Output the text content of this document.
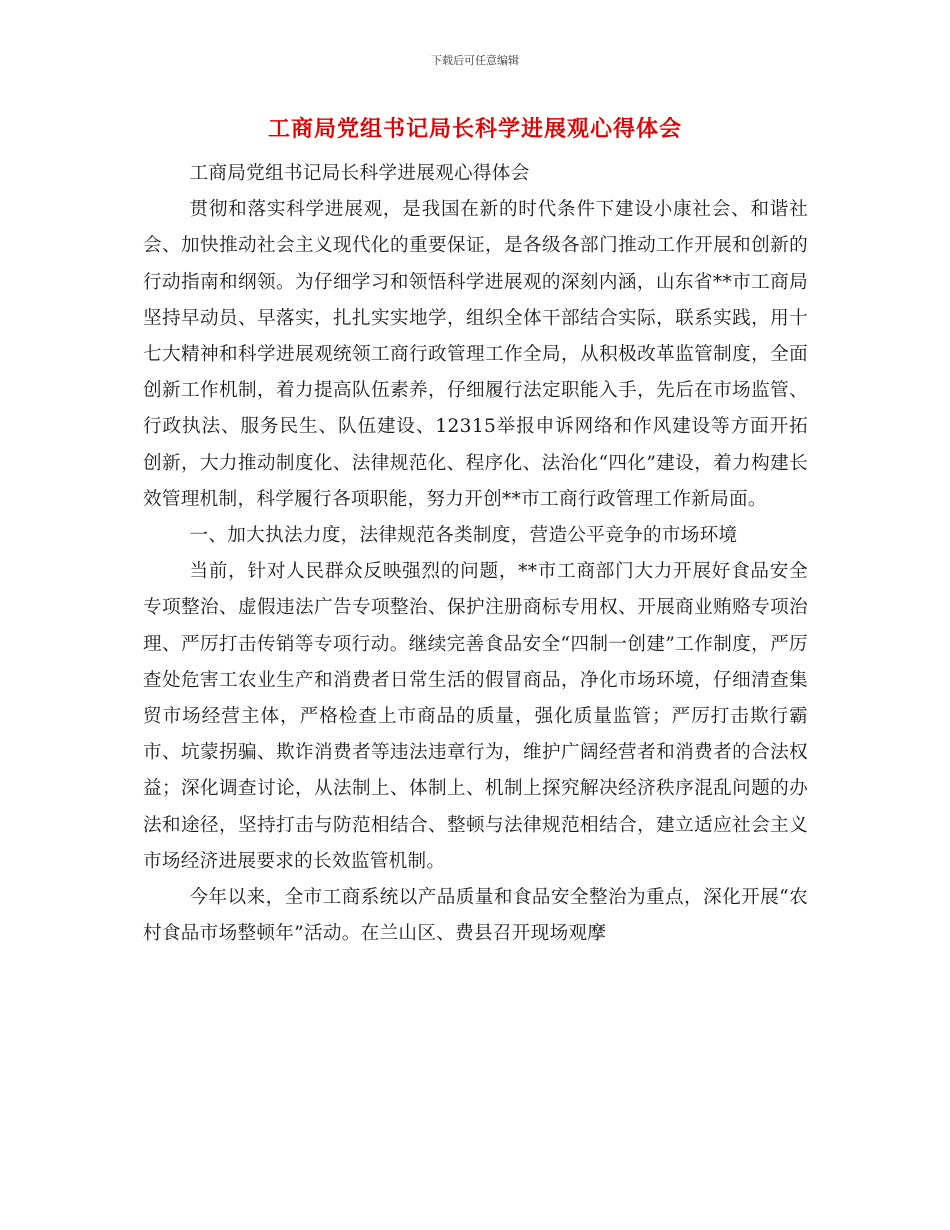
下载后可任意编辑
工商局党组书记局长科学进展观心得体会

工商局党组书记局长科学进展观心得体会

贯彻和落实科学进展观，是我国在新的时代条件下建设小康社会、和谐社会、加快推动社会主义现代化的重要保证，是各级各部门推动工作开展和创新的行动指南和纲领。为仔细学习和领悟科学进展观的深刻内涵，山东省**市工商局坚持早动员、早落实，扎扎实实地学，组织全体干部结合实际，联系实践，用十七大精神和科学进展观统领工商行政管理工作全局，从积极改革监管制度，全面创新工作机制，着力提高队伍素养，仔细履行法定职能入手，先后在市场监管、行政执法、服务民生、队伍建设、12315举报申诉网络和作风建设等方面开拓创新，大力推动制度化、法律规范化、程序化、法治化“四化”建设，着力构建长效管理机制，科学履行各项职能，努力开创**市工商行政管理工作新局面。

一、加大执法力度，法律规范各类制度，营造公平竞争的市场环境

当前，针对人民群众反映强烈的问题，**市工商部门大力开展好食品安全专项整治、虚假违法广告专项整治、保护注册商标专用权、开展商业贿赂专项治理、严厉打击传销等专项行动。继续完善食品安全“四制一创建”工作制度，严厉查处危害工农业生产和消费者日常生活的假冒商品，净化市场环境，仔细清查集贸市场经营主体，严格检查上市商品的质量，强化质量监管；严厉打击欺行霸市、坑蒙拐骗、欺诈消费者等违法违章行为，维护广阔经营者和消费者的合法权益；深化调查讨论，从法制上、体制上、机制上探究解决经济秩序混乱问题的办法和途径，坚持打击与防范相结合、整顿与法律规范相结合，建立适应社会主义市场经济进展要求的长效监管机制。

今年以来，全市工商系统以产品质量和食品安全整治为重点，深化开展“农村食品市场整顿年”活动。在兰山区、费县召开现场观摩
